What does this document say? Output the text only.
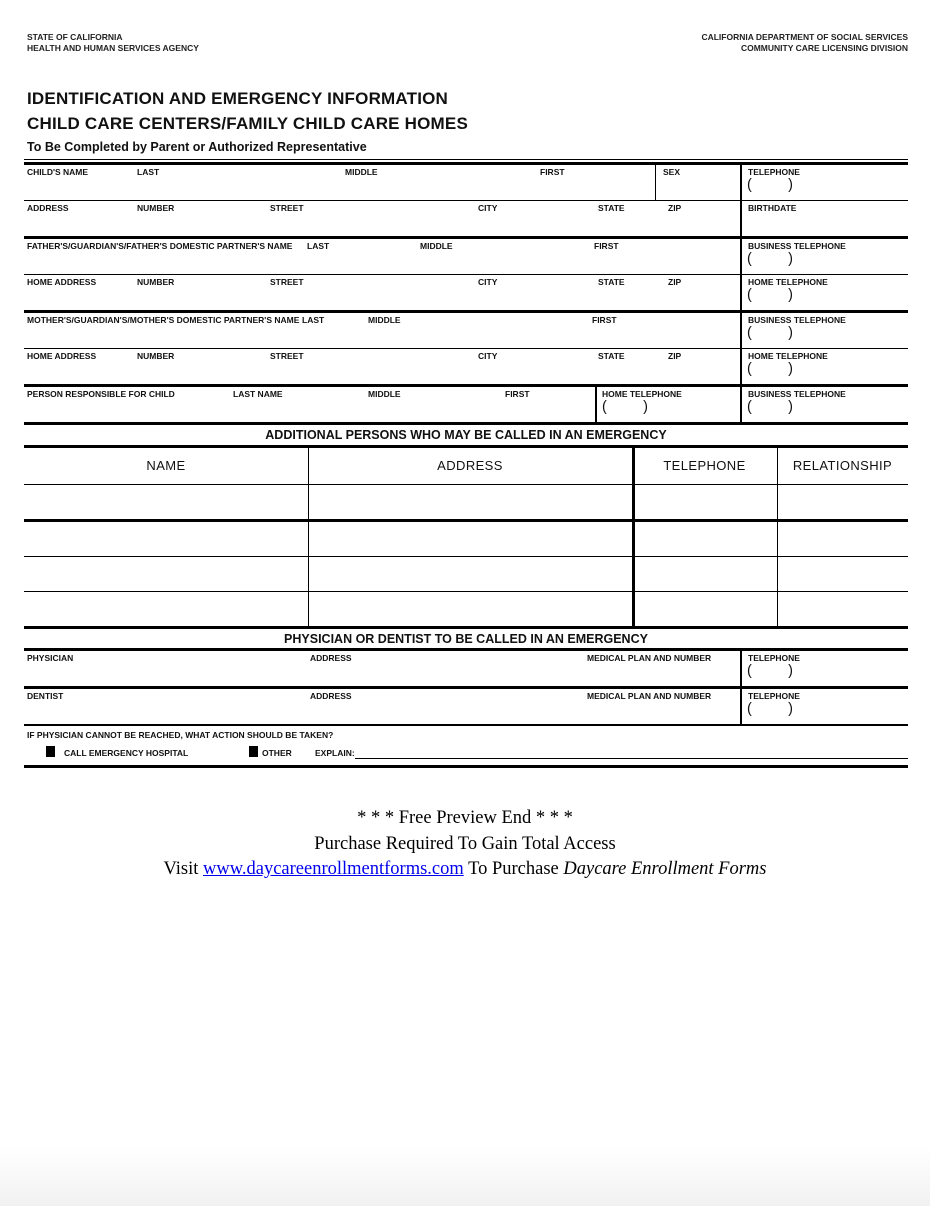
STATE OF CALIFORNIA
HEALTH AND HUMAN SERVICES AGENCY
CALIFORNIA DEPARTMENT OF SOCIAL SERVICES
COMMUNITY CARE LICENSING DIVISION
IDENTIFICATION AND EMERGENCY INFORMATION
CHILD CARE CENTERS/FAMILY CHILD CARE HOMES
To Be Completed by Parent or Authorized Representative
CHILD'S NAME	LAST	MIDDLE	FIRST	SEX	TELEPHONE
(         )
ADDRESS	NUMBER	STREET	CITY	STATE	ZIP	BIRTHDATE
FATHER'S/GUARDIAN'S/FATHER'S DOMESTIC PARTNER'S NAME LAST	MIDDLE	FIRST	BUSINESS TELEPHONE
(         )
HOME ADDRESS	NUMBER	STREET	CITY	STATE	ZIP	HOME TELEPHONE
(         )
MOTHER'S/GUARDIAN'S/MOTHER'S DOMESTIC PARTNER'S NAME LAST	MIDDLE	FIRST	BUSINESS TELEPHONE
(         )
HOME ADDRESS	NUMBER	STREET	CITY	STATE	ZIP	HOME TELEPHONE
(         )
PERSON RESPONSIBLE FOR CHILD	LAST NAME	MIDDLE	FIRST	HOME TELEPHONE
(         )
BUSINESS TELEPHONE
(         )
ADDITIONAL PERSONS WHO MAY BE CALLED IN AN EMERGENCY
NAME	ADDRESS	TELEPHONE	RELATIONSHIP
PHYSICIAN OR DENTIST TO BE CALLED IN AN EMERGENCY
PHYSICIAN	ADDRESS	MEDICAL PLAN AND NUMBER	TELEPHONE
(         )
DENTIST	ADDRESS	MEDICAL PLAN AND NUMBER	TELEPHONE
(         )
IF PHYSICIAN CANNOT BE REACHED, WHAT ACTION SHOULD BE TAKEN?
CALL EMERGENCY HOSPITAL	OTHER	EXPLAIN:
* * * Free Preview End * * *
Purchase Required To Gain Total Access
Visit www.daycareenrollmentforms.com To Purchase Daycare Enrollment Forms
